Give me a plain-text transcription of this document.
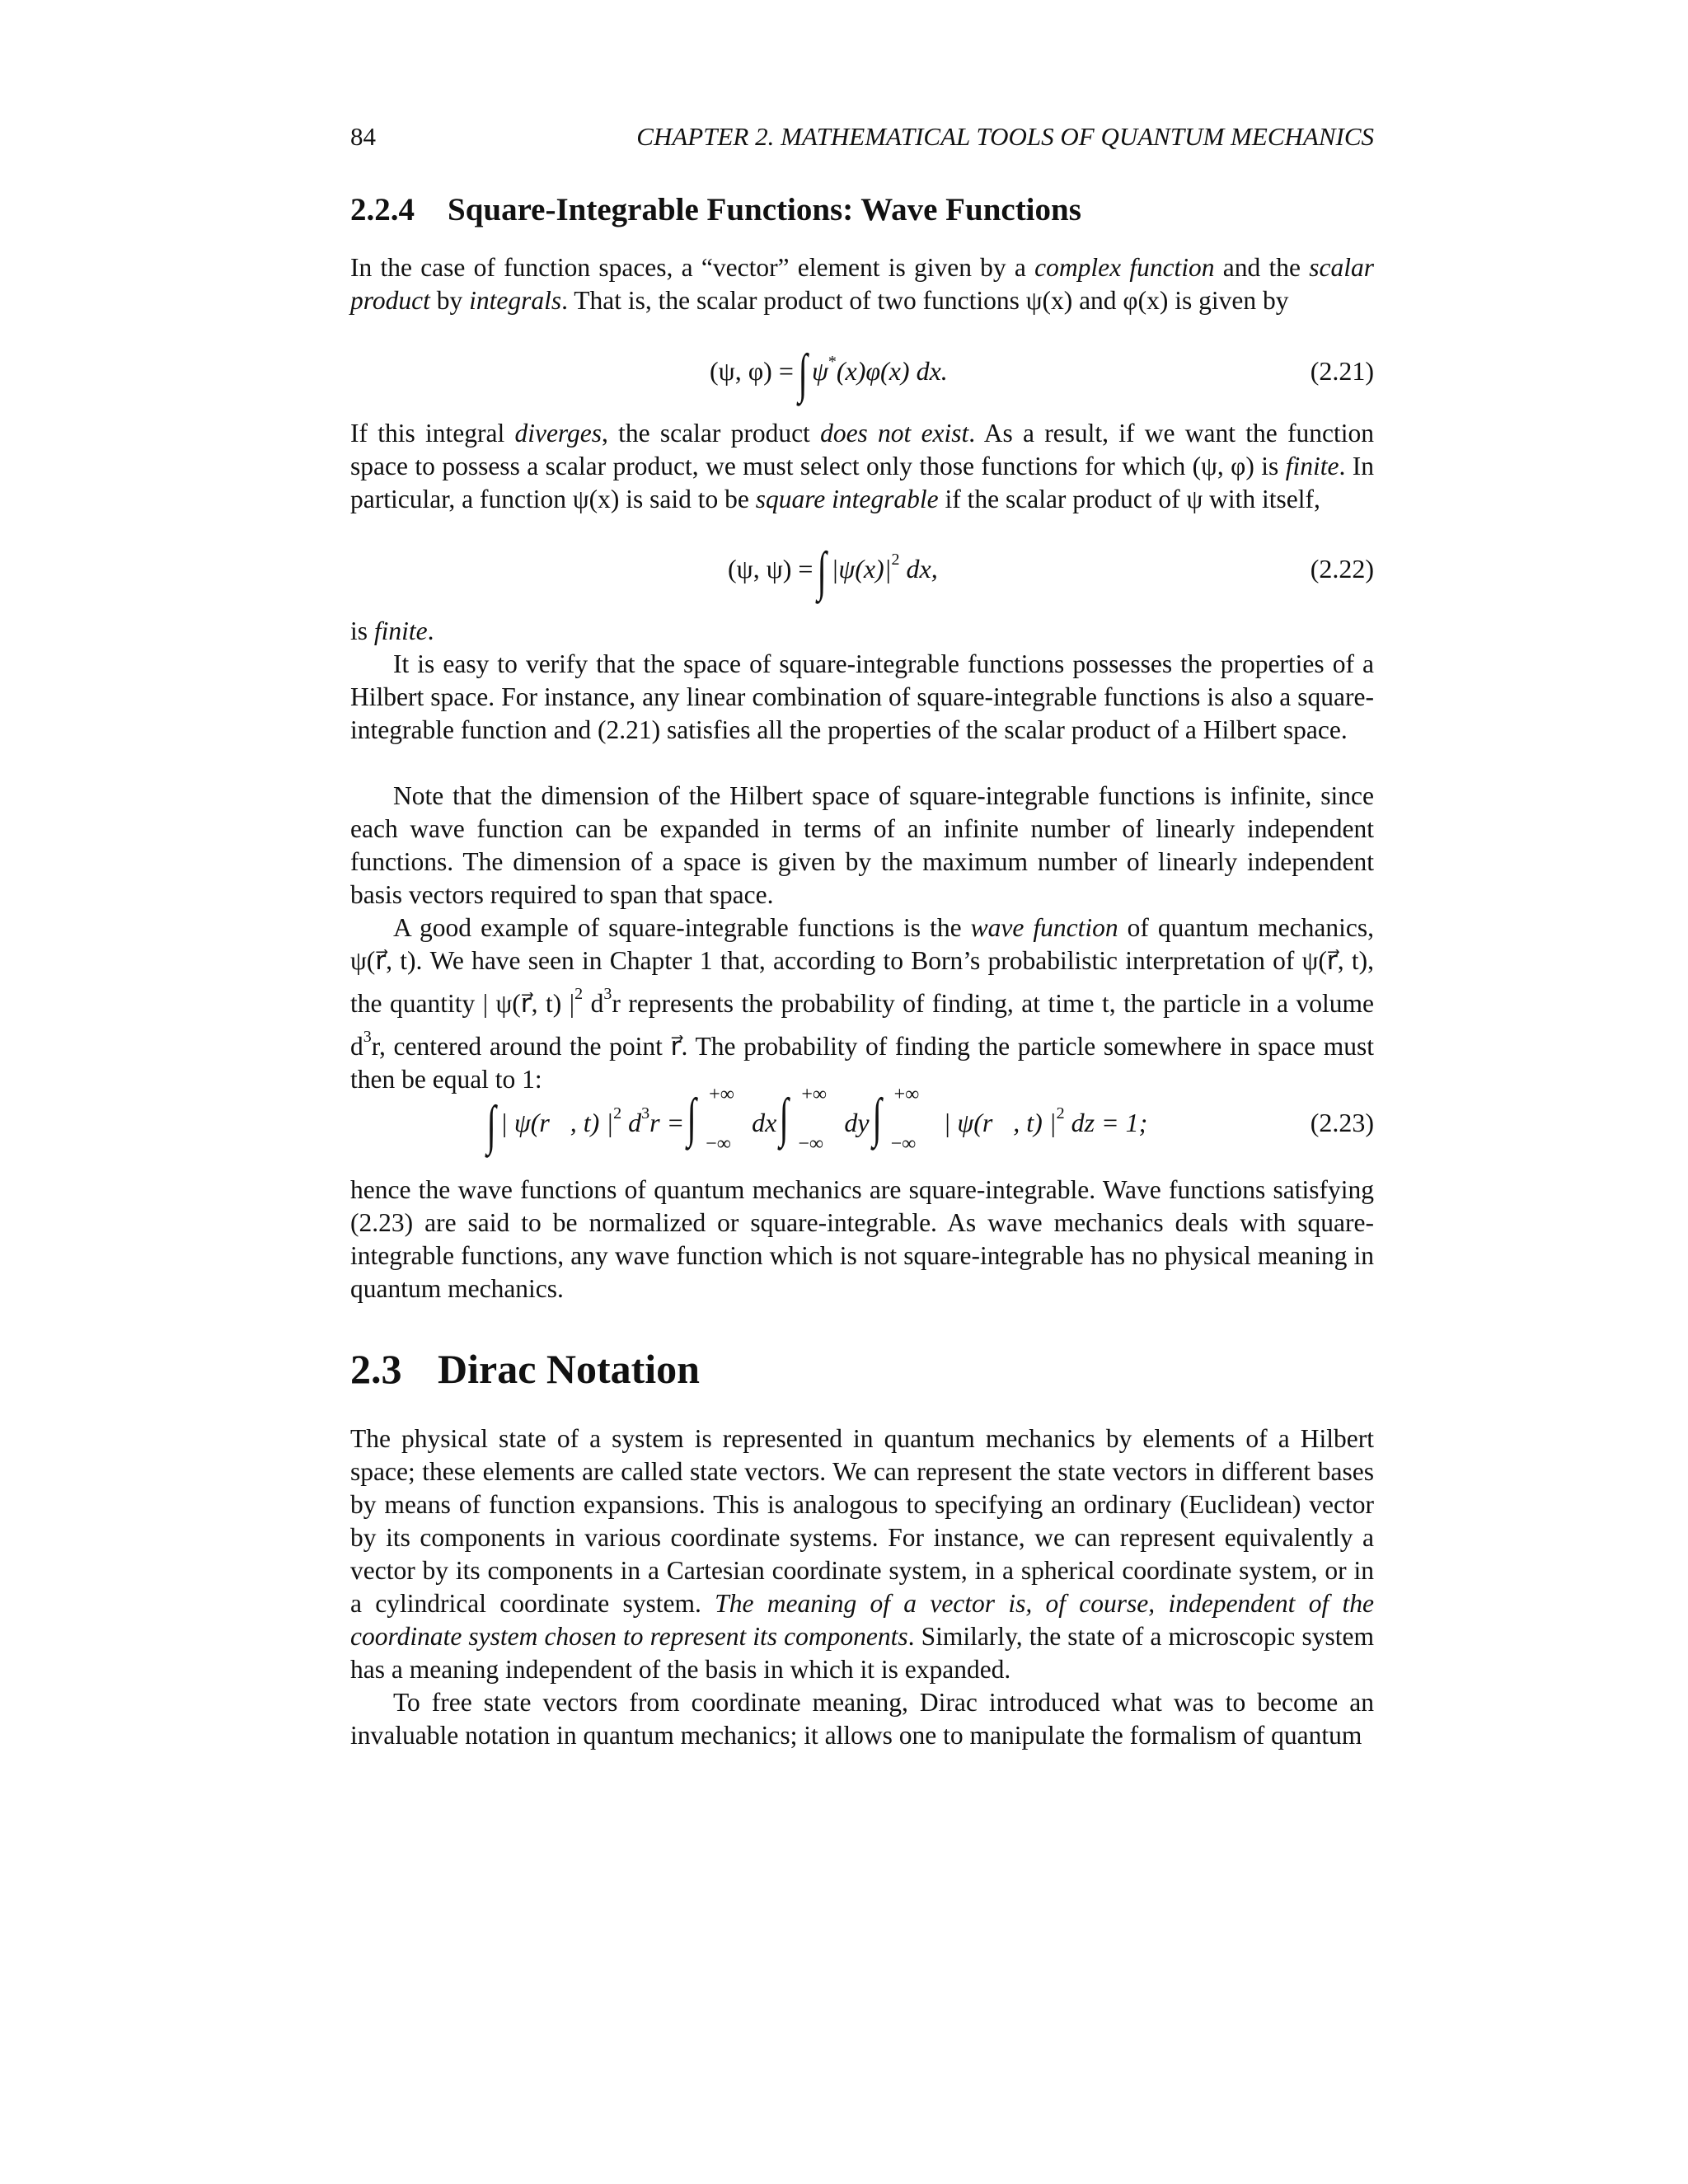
84	CHAPTER 2. MATHEMATICAL TOOLS OF QUANTUM MECHANICS
2.2.4 Square-Integrable Functions: Wave Functions

In the case of function spaces, a “vector” element is given by a complex function and the scalar product by integrals. That is, the scalar product of two functions ψ(x) and φ(x) is given by

(ψ, φ) = ∫ ψ*(x)φ(x) dx.	(2.21)

If this integral diverges, the scalar product does not exist. As a result, if we want the function space to possess a scalar product, we must select only those functions for which (ψ, φ) is finite. In particular, a function ψ(x) is said to be square integrable if the scalar product of ψ with itself,

(ψ, ψ) = ∫ $|\psi(x)|^2$ dx,	(2.22)

is finite.

It is easy to verify that the space of square-integrable functions possesses the properties of a Hilbert space. For instance, any linear combination of square-integrable functions is also a square-integrable function and (2.21) satisfies all the properties of the scalar product of a Hilbert space.

Note that the dimension of the Hilbert space of square-integrable functions is infinite, since each wave function can be expanded in terms of an infinite number of linearly independent functions. The dimension of a space is given by the maximum number of linearly independent basis vectors required to span that space.

A good example of square-integrable functions is the wave function of quantum mechanics, ψ(r⃗, t). We have seen in Chapter 1 that, according to Born’s probabilistic interpretation of ψ(r⃗, t), the quantity | ψ(r⃗, t) $|^2$ $d^3r$ represents the probability of finding, at time t, the particle in a volume $d^3r$, centered around the point r⃗. The probability of finding the particle somewhere in space must then be equal to 1:

∫ | ψ(r⃗, t) $|^2$ $d^3r$ = ∫ +∞
−∞
dx ∫ +∞
−∞
dy ∫ +∞
−∞
| ψ(r⃗, t) $|^2$ dz = 1;	(2.23)

hence the wave functions of quantum mechanics are square-integrable. Wave functions satisfying (2.23) are said to be normalized or square-integrable. As wave mechanics deals with square-integrable functions, any wave function which is not square-integrable has no physical meaning in quantum mechanics.

2.3 Dirac Notation

The physical state of a system is represented in quantum mechanics by elements of a Hilbert space; these elements are called state vectors. We can represent the state vectors in different bases by means of function expansions. This is analogous to specifying an ordinary (Euclidean) vector by its components in various coordinate systems. For instance, we can represent equivalently a vector by its components in a Cartesian coordinate system, in a spherical coordinate system, or in a cylindrical coordinate system. The meaning of a vector is, of course, independent of the coordinate system chosen to represent its components. Similarly, the state of a microscopic system has a meaning independent of the basis in which it is expanded.

To free state vectors from coordinate meaning, Dirac introduced what was to become an invaluable notation in quantum mechanics; it allows one to manipulate the formalism of quantum
